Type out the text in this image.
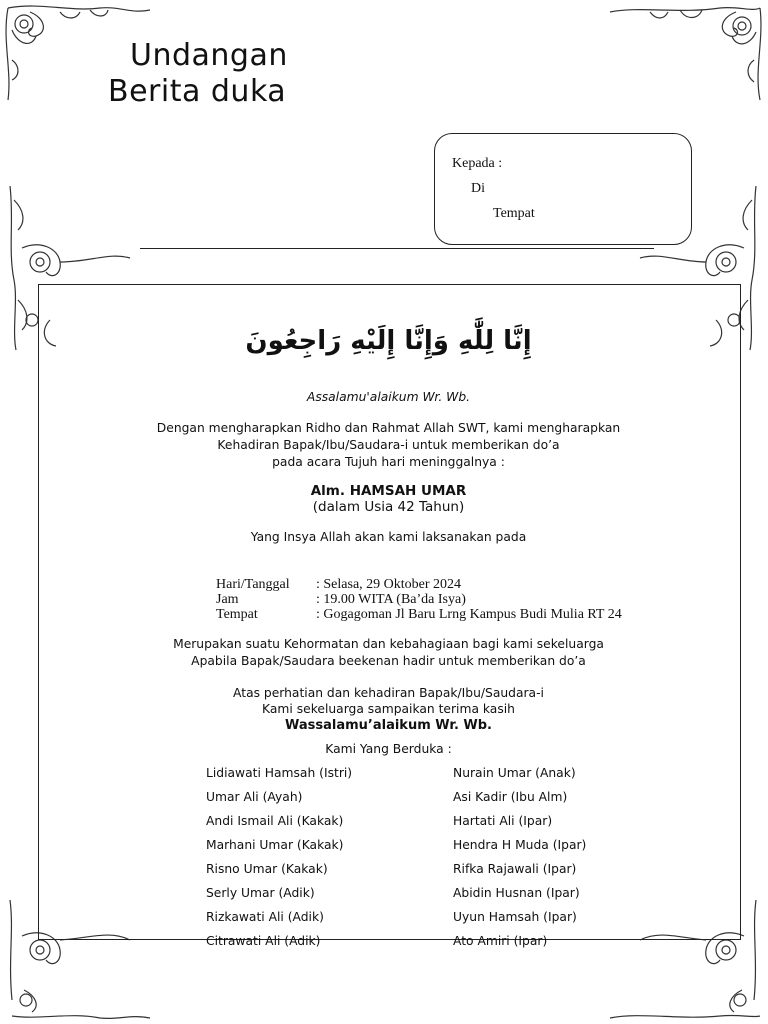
Undangan
Berita duka
Kepada :
Di
Tempat
إِنَّا لِلَّٰهِ وَإِنَّا إِلَيْهِ رَاجِعُونَ
Assalamu'alaikum Wr. Wb.
Dengan mengharapkan Ridho dan Rahmat Allah SWT, kami mengharapkan
Kehadiran Bapak/Ibu/Saudara-i untuk memberikan do’a
pada acara Tujuh hari meninggalnya :
Alm. HAMSAH UMAR
(dalam Usia 42 Tahun)
Yang Insya Allah akan kami laksanakan pada
Hari/Tanggal : Selasa, 29 Oktober 2024
Jam	: 19.00 WITA (Ba’da Isya)
Tempat	: Gogagoman Jl Baru Lrng Kampus Budi Mulia RT 24
Merupakan suatu Kehormatan dan kebahagiaan bagi kami sekeluarga
Apabila Bapak/Saudara beekenan hadir untuk memberikan do’a
Atas perhatian dan kehadiran Bapak/Ibu/Saudara-i
Kami sekeluarga sampaikan terima kasih
Wassalamu’alaikum Wr. Wb.
Kami Yang Berduka :
Lidiawati Hamsah (Istri)
Umar Ali (Ayah)
Andi Ismail Ali (Kakak)
Marhani Umar (Kakak)
Risno Umar (Kakak)
Serly Umar (Adik)
Rizkawati Ali (Adik)
Citrawati Ali (Adik)
Nurain Umar (Anak)
Asi Kadir (Ibu Alm)
Hartati Ali (Ipar)
Hendra H Muda (Ipar)
Rifka Rajawali (Ipar)
Abidin Husnan (Ipar)
Uyun Hamsah (Ipar)
Ato Amiri (Ipar)
